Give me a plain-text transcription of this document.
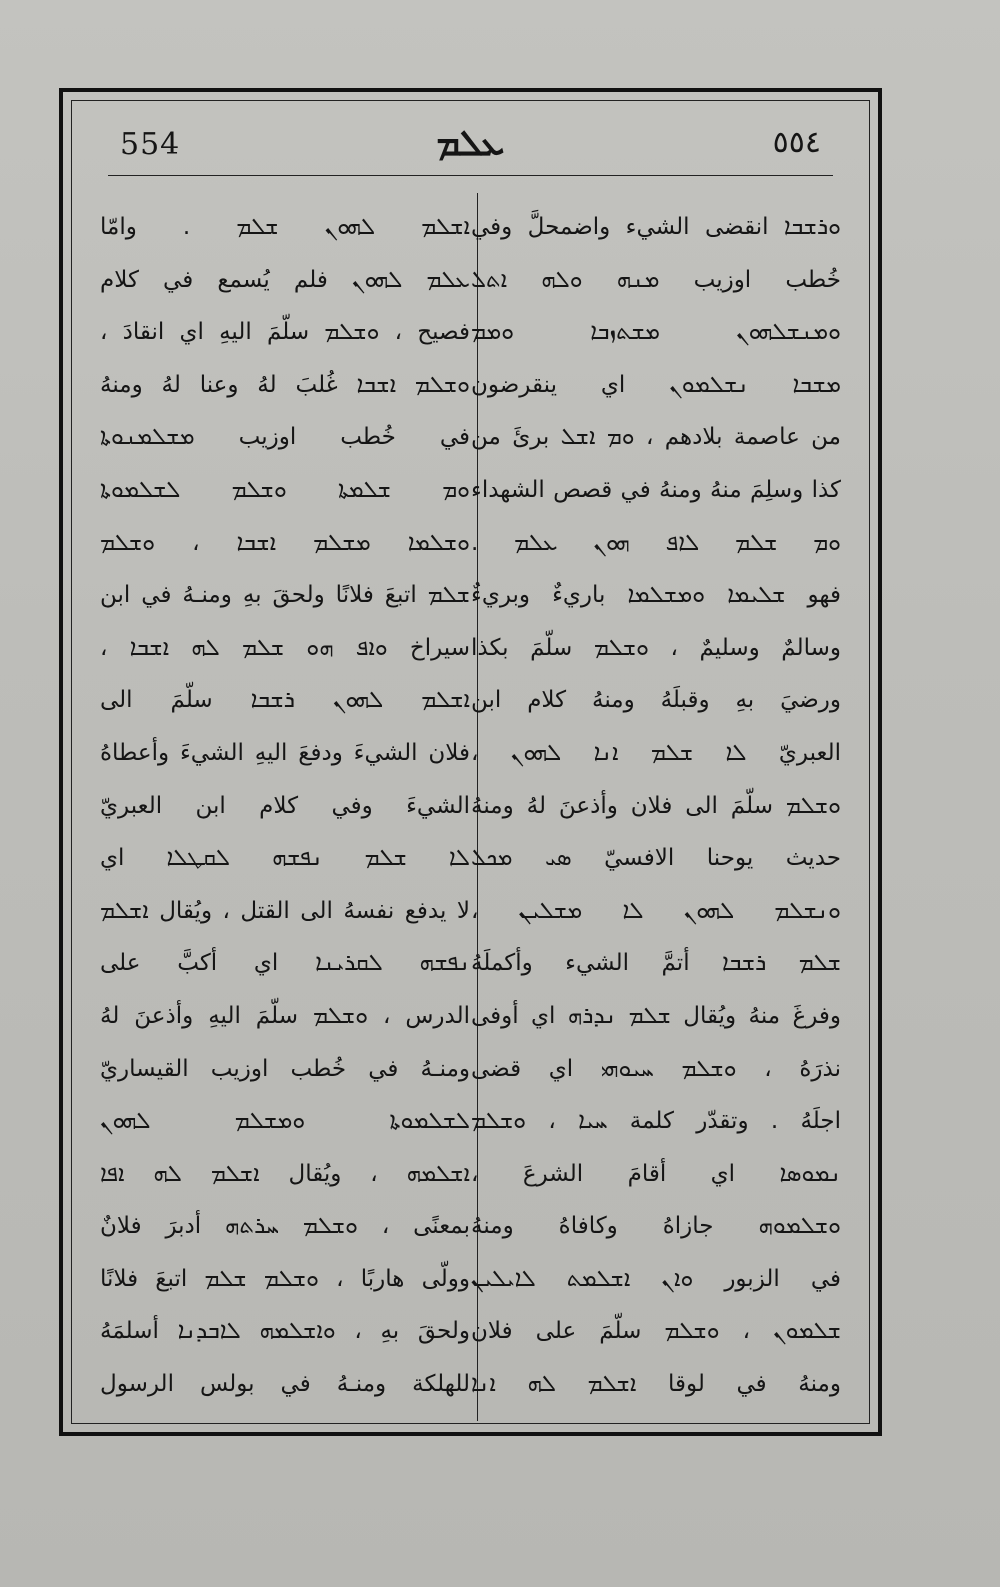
554	ܥܠܡ	٥٥٤
ܘܪܫܒܐ انقضى الشيء واضمحلَّ وفي
خُطب اوزيب ܡܢܗ ܘܠܗ ܐܬܠ
ܘܡܢܫܠܗܘܢ ܡܫܬܙܒܐ ܘܡܡ
ܡܫܒܐ ܢܫܠܡܘܢ اي ينقرضون
من عاصمة بلادهم ، ܘܡ ܐܫܠ برئَ من
كذا وسلِمَ منهُ ومنهُ في قصص الشهداء
ܘܡ ܫܠܡ ܠܐܦ ܗܘܢ ܥܠܡ .
فهو ܫܠܝܡܐ ܘܡܫܠܡܐ باريءٌ وبريءٌ
وسالمٌ وسليمٌ ، ܘܫܠܡ سلّمَ بكذا
ورضيَ بهِ وقبلَهُ ومنهُ كلام ابن
العبريّ ܠܐ ܫܠܡ ܐܢܐ ܠܗܘܢ ،
ܘܫܠܡ سلّمَ الى فلان وأذعنَ لهُ ومنهُ
حديث يوحنا الافسيّ ܣܝ ܡܟܠ
ܘܢܫܠܡ ܠܗܘܢ ܠܐ ܡܫܠܝܢ ،
ܫܠܡ ܪܫܒܐ أتمَّ الشيء وأكملَهُ
وفرغَ منهُ ويُقال ܫܠܡ ܢܕܪܗ اي أوفى
نذرَهُ ، ܘܫܠܡ ܚܝܘܗܝ اي قضى
اجلَهُ . وتقدّر كلمة ܚܝܐ ، ܘܫܠܡ
ܢܡܘܣܐ اي أقامَ الشرعَ ،
ܘܫܠܡܘܗ جازاهُ وكافاهُ ومنهُ
في الزبور ܘܐܢ ܐܫܠܡܬ ܠܐܝܠܝܢ
ܫܠܡܘܢ ، ܘܫܠܡ سلّمَ على فلان
ومنهُ في لوقا ܐܫܠܡ ܠܗ ܐܢܐ
ܐܫܠܡ ܠܗܘܢ ܫܠܡ . وامّا
ܥܠܡ ܠܗܘܢ فلم يُسمع في كلام
فصيح ، ܘܫܠܡ سلّمَ اليهِ اي انقادَ ،
ܘܫܠܡ ܐܫܒܐ غُلبَ لهُ وعنا لهُ ومنهُ
في خُطب اوزيب ܡܫܠܡܢܘܬܐ
ܘܡ ܫܠܡܬܐ ܘܫܠܡ ܠܫܠܡܘܬܐ
ܘܫܠܡܐ ܡܫܠܡ ܐܫܒܐ ، ܘܫܠܡ
ܫܠܡ اتبعَ فلانًا ولحقَ بهِ ومنـهُ في ابن
سيراخ ܘܐܦ ܗܘ ܫܠܡ ܠܗ ܐܫܒܐ ،
ܐܫܠܡ ܠܗܘܢ ܪܫܒܐ سلّمَ الى
فلان الشيءَ ودفعَ اليهِ الشيءَ وأعطاهُ
الشيءَ وفي كلام ابن العبريّ
ܠܐ ܫܠܡ ܢܦܫܗ ܠܩܛܠܐ اي
لا يدفع نفسهُ الى القتل ، ويُقال ܐܫܠܡ
ܢܦܫܗ ܠܩܪܝܢܐ اي أكبَّ على
الدرس ، ܘܫܠܡ سلّمَ اليهِ وأذعنَ لهُ
ومنـهُ في خُطب اوزيب القيساريّ
ܠܫܠܡܘܬܐ ܘܡܫܠܡ ܠܗܘܢ
ܐܫܠܡܗ ، ويُقال ܐܫܠܡ ܠܗ ܐܦܐ
بمعنًى ، ܘܫܠܡ ܚܪܬܗ أدبرَ فلانٌ
وولّى هاربًا ، ܘܫܠܡ ܫܠܡ اتبعَ فلانًا
ولحقَ بهِ ، ܘܐܫܠܡܗ ܠܐܒܕܢܐ أسلمَهُ
للهلكة ومنـهُ في بولس الرسول
